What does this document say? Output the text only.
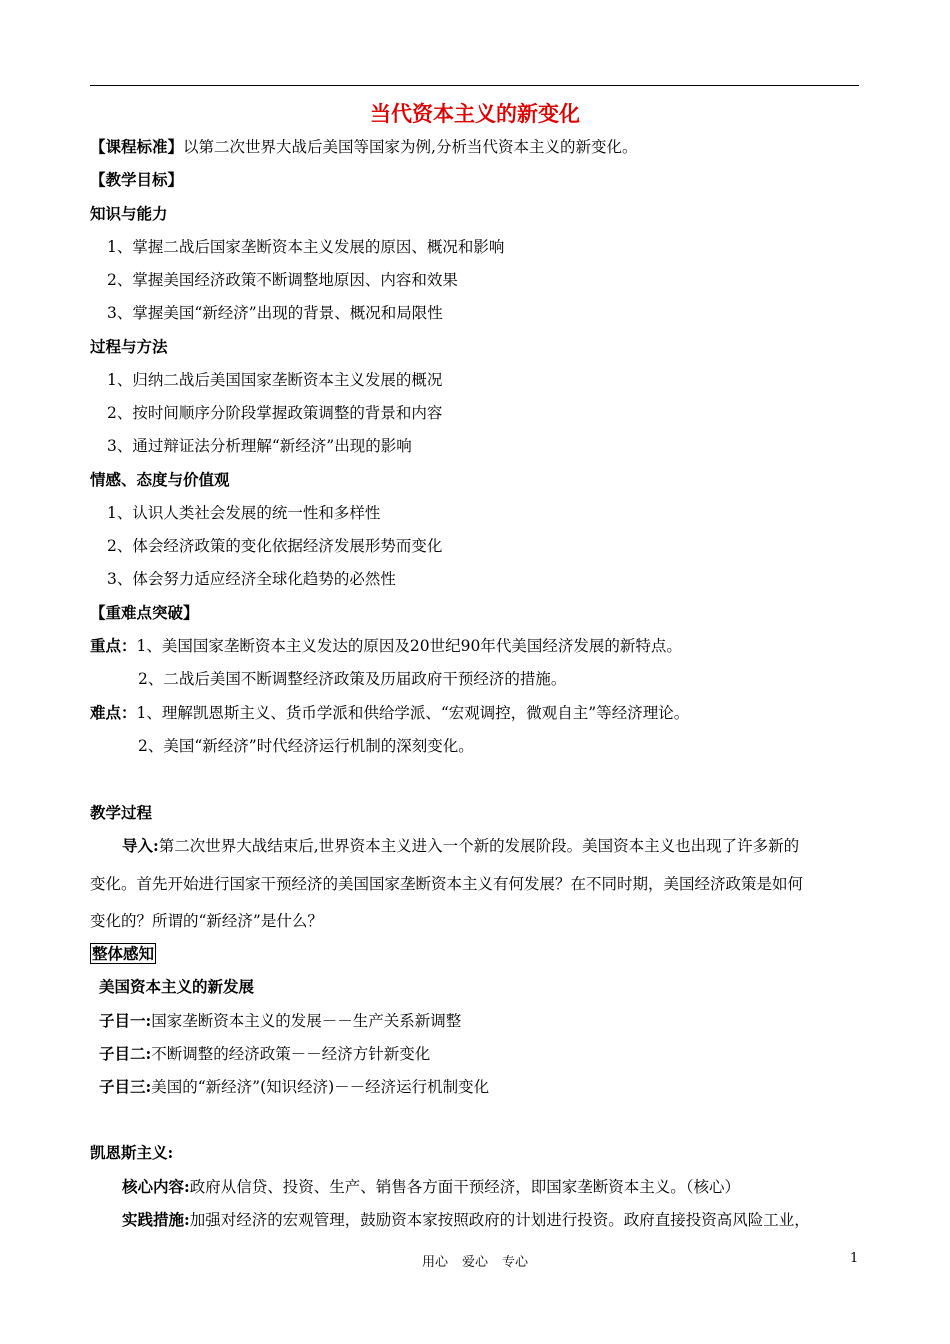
当代资本主义的新变化
【课程标准】以第二次世界大战后美国等国家为例,分析当代资本主义的新变化。
【教学目标】
知识与能力
1、掌握二战后国家垄断资本主义发展的原因、概况和影响
2、掌握美国经济政策不断调整地原因、内容和效果
3、掌握美国“新经济”出现的背景、概况和局限性
过程与方法
1、归纳二战后美国国家垄断资本主义发展的概况
2、按时间顺序分阶段掌握政策调整的背景和内容
3、通过辩证法分析理解“新经济”出现的影响
情感、态度与价值观
1、认识人类社会发展的统一性和多样性
2、体会经济政策的变化依据经济发展形势而变化
3、体会努力适应经济全球化趋势的必然性
【重难点突破】
重点：1、美国国家垄断资本主义发达的原因及20世纪90年代美国经济发展的新特点。
2、二战后美国不断调整经济政策及历届政府干预经济的措施。
难点：1、理解凯恩斯主义、货币学派和供给学派、“宏观调控，微观自主”等经济理论。
2、美国“新经济”时代经济运行机制的深刻变化。
教学过程
导入:第二次世界大战结束后,世界资本主义进入一个新的发展阶段。美国资本主义也出现了许多新的
变化。首先开始进行国家干预经济的美国国家垄断资本主义有何发展？在不同时期，美国经济政策是如何
变化的？所谓的“新经济”是什么？
整体感知
美国资本主义的新发展
子目一:国家垄断资本主义的发展－－生产关系新调整
子目二:不断调整的经济政策－－经济方针新变化
子目三:美国的“新经济”(知识经济)－－经济运行机制变化
凯恩斯主义:
核心内容:政府从信贷、投资、生产、销售各方面干预经济，即国家垄断资本主义。（核心）
实践措施:加强对经济的宏观管理，鼓励资本家按照政府的计划进行投资。政府直接投资高风险工业，
用心 爱心 专心	1
